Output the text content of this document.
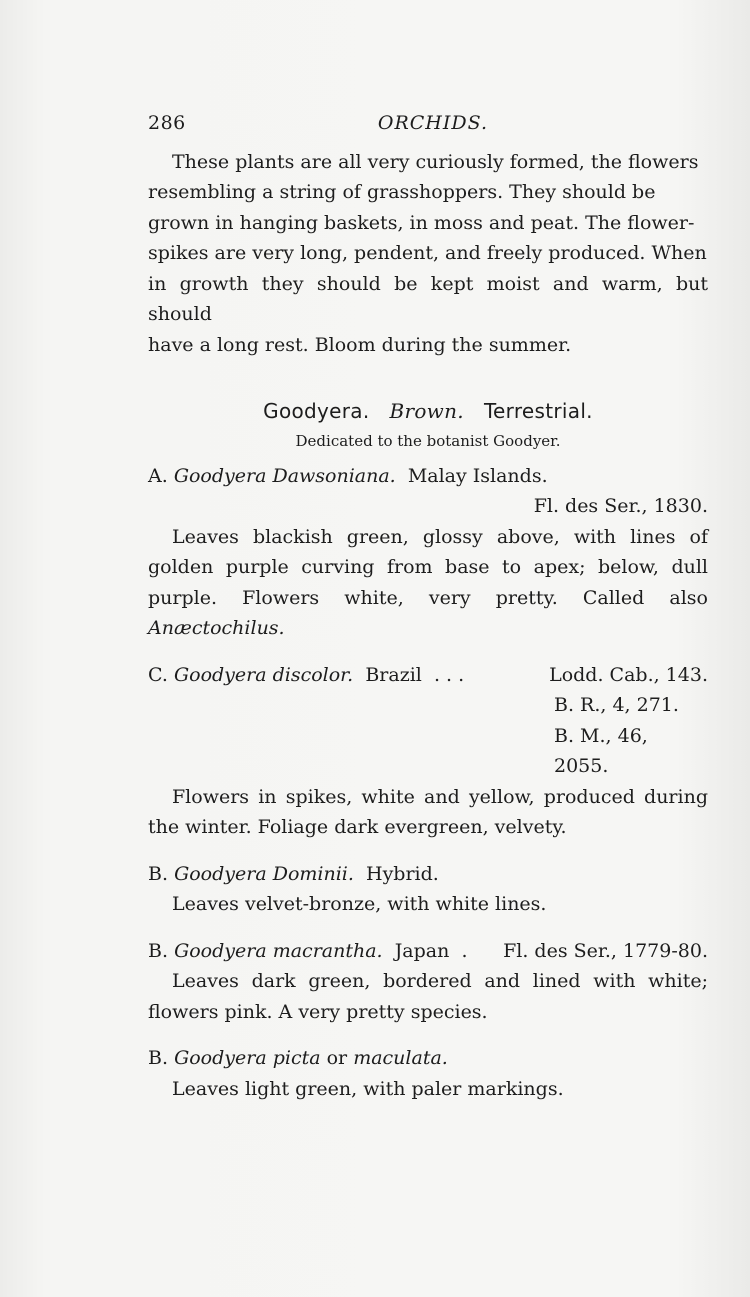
286	ORCHIDS.

These plants are all very curiously formed, the flowers

resembling a string of grasshoppers. They should be

grown in hanging baskets, in moss and peat. The flower-

spikes are very long, pendent, and freely produced. When

in growth they should be kept moist and warm, but should

have a long rest. Bloom during the summer.

Goodyera. Brown. Terrestrial.
Dedicated to the botanist Goodyer.
A. Goodyera Dawsoniana. Malay Islands.
Fl. des Ser., 1830.

Leaves blackish green, glossy above, with lines of golden purple curving from base to apex; below, dull purple. Flowers white, very pretty. Called also Anæctochilus.

C. Goodyera discolor. Brazil . . .	Lodd. Cab., 143.
B. R., 4, 271.
B. M., 46, 2055.

Flowers in spikes, white and yellow, produced during the winter. Foliage dark evergreen, velvety.

B. Goodyera Dominii. Hybrid.

Leaves velvet-bronze, with white lines.

B. Goodyera macrantha. Japan . Fl. des Ser., 1779-80.

Leaves dark green, bordered and lined with white; flowers pink. A very pretty species.

B. Goodyera picta or maculata.

Leaves light green, with paler markings.
